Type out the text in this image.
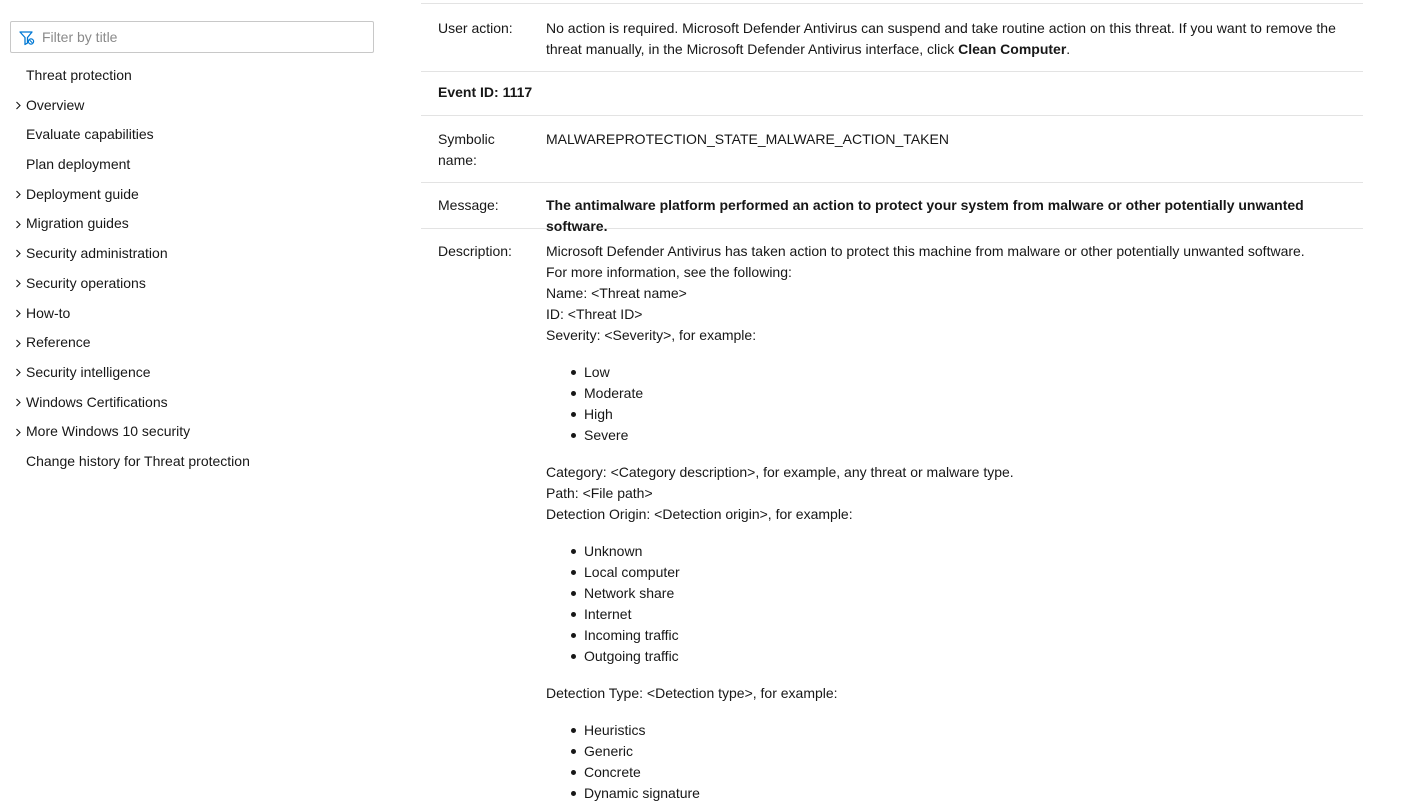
Filter by title
Threat protection
Overview
Evaluate capabilities
Plan deployment
Deployment guide
Migration guides
Security administration
Security operations
How-to
Reference
Security intelligence
Windows Certifications
More Windows 10 security
Change history for Threat protection
User action: No action is required. Microsoft Defender Antivirus can suspend and take routine action on this threat. If you want to remove the threat manually, in the Microsoft Defender Antivirus interface, click Clean Computer.
Event ID: 1117
Symbolic
name:
MALWAREPROTECTION_STATE_MALWARE_ACTION_TAKEN
Message:	The antimalware platform performed an action to protect your system from malware or other potentially unwanted software.
Description: Microsoft Defender Antivirus has taken action to protect this machine from malware or other potentially unwanted software.
For more information, see the following:
Name: <Threat name>
ID: <Threat ID>
Severity: <Severity>, for example:
Low
Moderate
High
Severe
Category: <Category description>, for example, any threat or malware type.
Path: <File path>
Detection Origin: <Detection origin>, for example:
Unknown
Local computer
Network share
Internet
Incoming traffic
Outgoing traffic
Detection Type: <Detection type>, for example:
Heuristics
Generic
Concrete
Dynamic signature
